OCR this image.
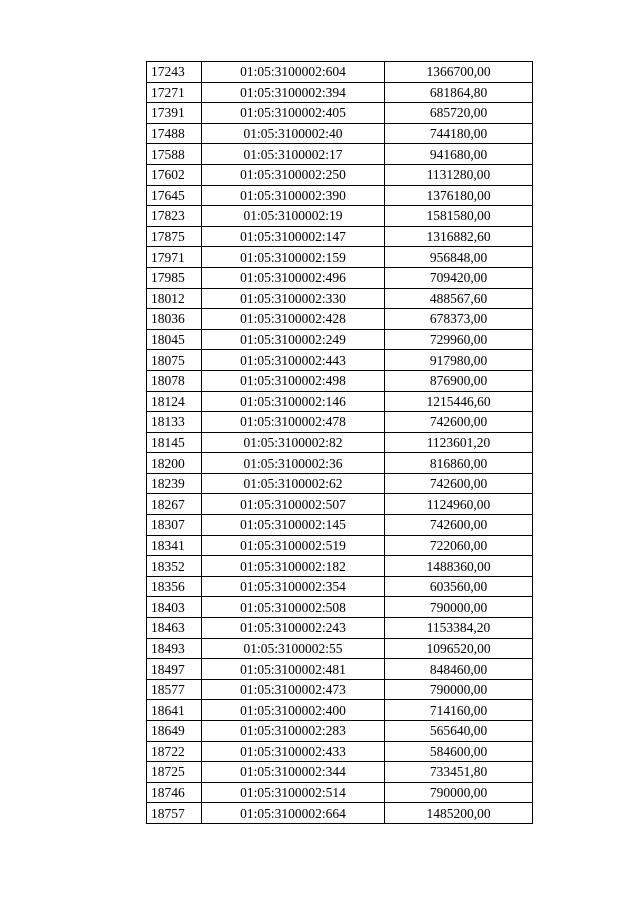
17243	01:05:3100002:604	1366700,00
17271	01:05:3100002:394	681864,80
17391	01:05:3100002:405	685720,00
17488	01:05:3100002:40	744180,00
17588	01:05:3100002:17	941680,00
17602	01:05:3100002:250	1131280,00
17645	01:05:3100002:390	1376180,00
17823	01:05:3100002:19	1581580,00
17875	01:05:3100002:147	1316882,60
17971	01:05:3100002:159	956848,00
17985	01:05:3100002:496	709420,00
18012	01:05:3100002:330	488567,60
18036	01:05:3100002:428	678373,00
18045	01:05:3100002:249	729960,00
18075	01:05:3100002:443	917980,00
18078	01:05:3100002:498	876900,00
18124	01:05:3100002:146	1215446,60
18133	01:05:3100002:478	742600,00
18145	01:05:3100002:82	1123601,20
18200	01:05:3100002:36	816860,00
18239	01:05:3100002:62	742600,00
18267	01:05:3100002:507	1124960,00
18307	01:05:3100002:145	742600,00
18341	01:05:3100002:519	722060,00
18352	01:05:3100002:182	1488360,00
18356	01:05:3100002:354	603560,00
18403	01:05:3100002:508	790000,00
18463	01:05:3100002:243	1153384,20
18493	01:05:3100002:55	1096520,00
18497	01:05:3100002:481	848460,00
18577	01:05:3100002:473	790000,00
18641	01:05:3100002:400	714160,00
18649	01:05:3100002:283	565640,00
18722	01:05:3100002:433	584600,00
18725	01:05:3100002:344	733451,80
18746	01:05:3100002:514	790000,00
18757	01:05:3100002:664	1485200,00
